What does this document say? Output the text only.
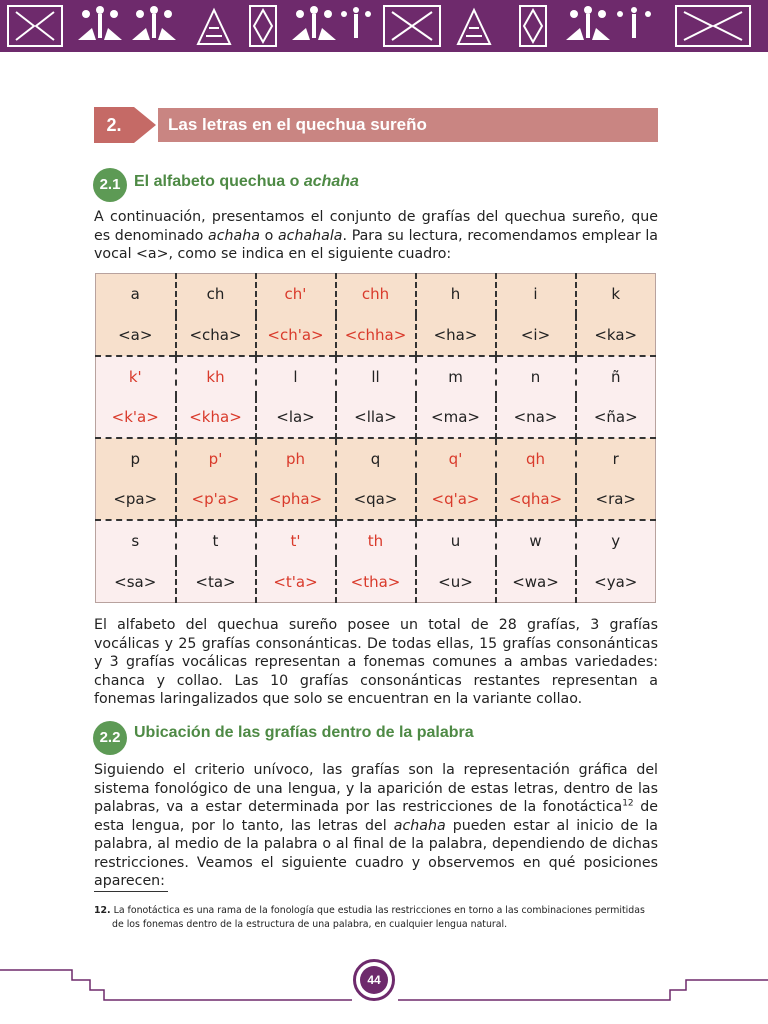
2.	Las letras en el quechua sureño
2.1 El alfabeto quechua o achaha

A continuación, presentamos el conjunto de grafías del quechua sureño, que es denominado achaha o achahala. Para su lectura, recomendamos emplear la vocal <a>, como se indica en el siguiente cuadro:

a	ch	ch'	chh	h	i	k
<a>	<cha>	<ch'a>	<chha>	<ha>	<i>	<ka>
k'	kh	l	ll	m	n	ñ
<k'a>	<kha>	<la>	<lla>	<ma>	<na>	<ña>
p	p'	ph	q	q'	qh	r
<pa>	<p'a>	<pha>	<qa>	<q'a>	<qha>	<ra>
s	t	t'	th	u	w	y
<sa>	<ta>	<t'a>	<tha>	<u>	<wa>	<ya>

El alfabeto del quechua sureño posee un total de 28 grafías, 3 grafías vocálicas y 25 grafías consonánticas. De todas ellas, 15 grafías consonánticas y 3 grafías vocálicas representan a fonemas comunes a ambas variedades: chanca y collao. Las 10 grafías consonánticas restantes representan a fonemas laringalizados que solo se encuentran en la variante collao.

2.2 Ubicación de las grafías dentro de la palabra

Siguiendo el criterio unívoco, las grafías son la representación gráfica del sistema fonológico de una lengua, y la aparición de estas letras, dentro de las palabras, va a estar determinada por las restricciones de la fonotáctica$^{12}$ de esta lengua, por lo tanto, las letras del achaha pueden estar al inicio de la palabra, al medio de la palabra o al final de la palabra, dependiendo de dichas restricciones. Veamos el siguiente cuadro y observemos en qué posiciones aparecen:

12. La fonotáctica es una rama de la fonología que estudia las restricciones en torno a las combinaciones permitidas
de los fonemas dentro de la estructura de una palabra, en cualquier lengua natural.
44
